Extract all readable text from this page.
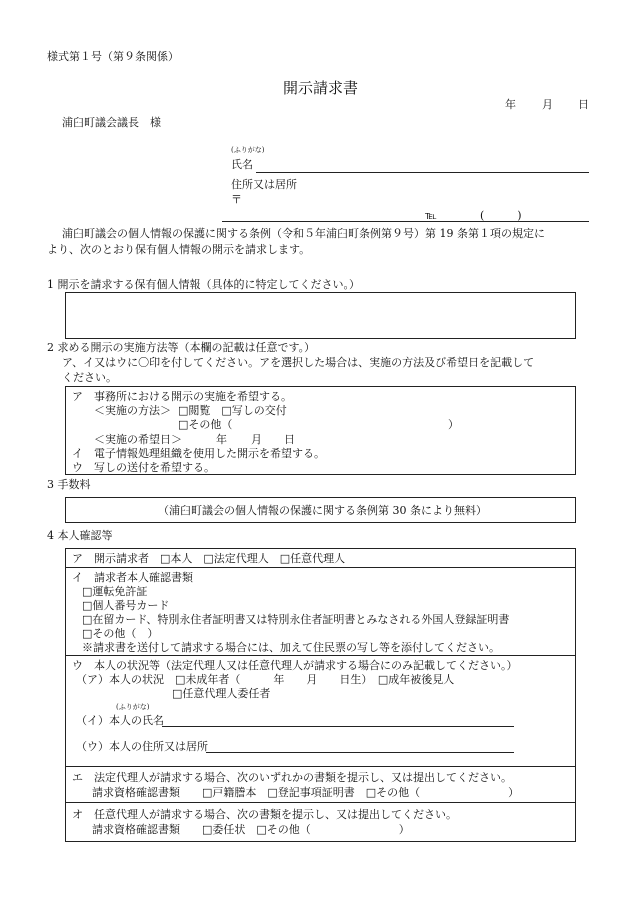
様式第１号（第９条関係）
開示請求書
年 月 日
浦臼町議会議長　様
(ふりがな)
氏名
住所又は居所
〒
℡	(　　　)
浦臼町議会の個人情報の保護に関する条例（令和５年浦臼町条例第９号）第 19 条第１項の規定に
より、次のとおり保有個人情報の開示を請求します。
1 開示を請求する保有個人情報（具体的に特定してください。）
2 求める開示の実施方法等（本欄の記載は任意です。）
ア、イ又はウに〇印を付してください。アを選択した場合は、実施の方法及び希望日を記載して
ください。
ア　事務所における開示の実施を希望する。
＜実施の方法＞ □閲覧　□写しの交付
□その他（	）
＜実施の希望日＞	年 月 日
イ　電子情報処理組織を使用した開示を希望する。
ウ　写しの送付を希望する。
3 手数料
（浦臼町議会の個人情報の保護に関する条例第 30 条により無料）
4 本人確認等
ア　開示請求者　□本人　□法定代理人　□任意代理人
イ　請求者本人確認書類
□運転免許証
□個人番号カード
□在留カード、特別永住者証明書又は特別永住者証明書とみなされる外国人登録証明書
□その他（　）
※請求書を送付して請求する場合には、加えて住民票の写し等を添付してください。
ウ　本人の状況等（法定代理人又は任意代理人が請求する場合にのみ記載してください。）
（ア）本人の状況　□未成年者（　　　年　　月　　日生）　□成年被後見人
□任意代理人委任者
(ふりがな)
（イ）本人の氏名
（ウ）本人の住所又は居所
エ　法定代理人が請求する場合、次のいずれかの書類を提示し、又は提出してください。
請求資格確認書類　　□戸籍謄本　□登記事項証明書　□その他（　　　　　　　　）
オ　任意代理人が請求する場合、次の書類を提示し、又は提出してください。
請求資格確認書類　　□委任状　□その他（　　　　　　　　）
